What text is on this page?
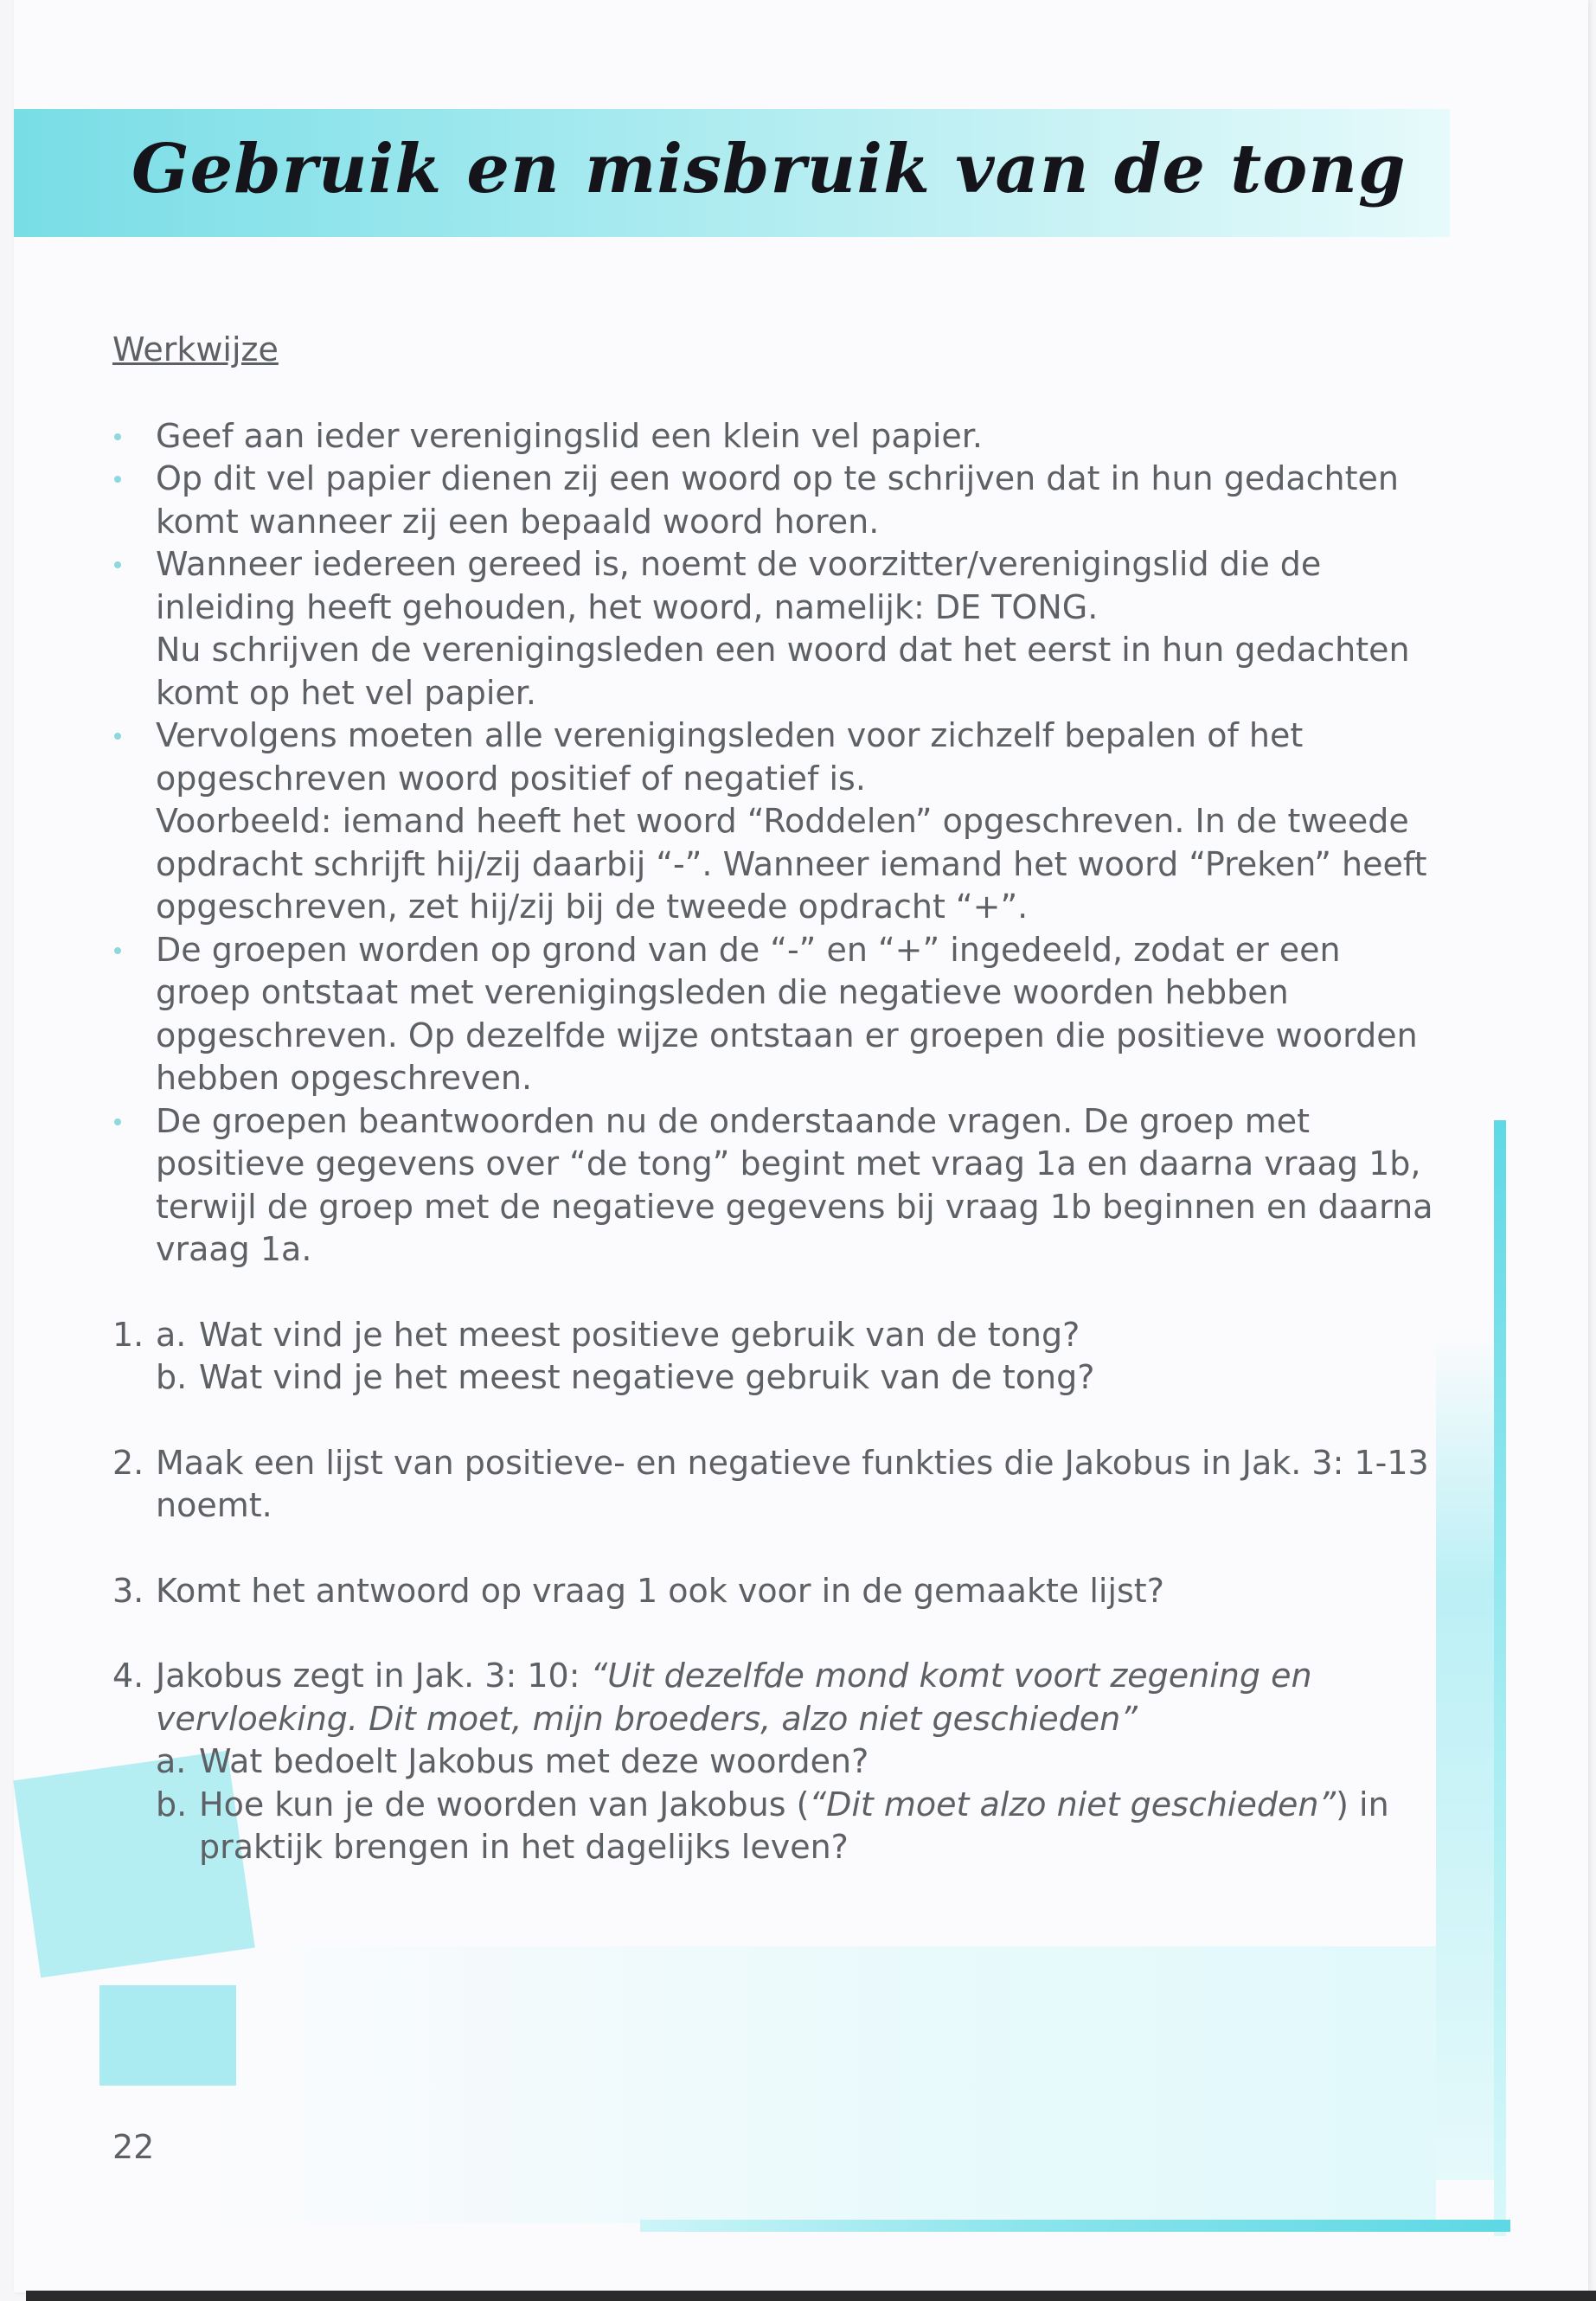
Gebruik en misbruik van de tong
Werkwijze

Geef aan ieder verenigingslid een klein vel papier.

Op dit vel papier dienen zij een woord op te schrijven dat in hun gedachten komt wanneer zij een bepaald woord horen.

Wanneer iedereen gereed is, noemt de voorzitter/verenigingslid die de inleiding heeft gehouden, het woord, namelijk: DE TONG.

Nu schrijven de verenigingsleden een woord dat het eerst in hun gedachten komt op het vel papier.

Vervolgens moeten alle verenigingsleden voor zichzelf bepalen of het opgeschreven woord positief of negatief is.

Voorbeeld: iemand heeft het woord “Roddelen” opgeschreven. In de tweede opdracht schrijft hij/zij daarbij “-”. Wanneer iemand het woord “Preken” heeft opgeschreven, zet hij/zij bij de tweede opdracht “+”.

De groepen worden op grond van de “-” en “+” ingedeeld, zodat er een groep ontstaat met verenigingsleden die negatieve woorden hebben opgeschreven. Op dezelfde wijze ontstaan er groepen die positieve woorden hebben opgeschreven.

De groepen beantwoorden nu de onderstaande vragen. De groep met positieve gegevens over “de tong” begint met vraag 1a en daarna vraag 1b, terwijl de groep met de negatieve gegevens bij vraag 1b beginnen en daarna vraag 1a.

1. a. Wat vind je het meest positieve gebruik van de tong?

b. Wat vind je het meest negatieve gebruik van de tong?

2. Maak een lijst van positieve- en negatieve funkties die Jakobus in Jak. 3: 1-13 noemt.

3. Komt het antwoord op vraag 1 ook voor in de gemaakte lijst?

4. Jakobus zegt in Jak. 3: 10: “Uit dezelfde mond komt voort zegening en vervloeking. Dit moet, mijn broeders, alzo niet geschieden”

a. Wat bedoelt Jakobus met deze woorden?

b. Hoe kun je de woorden van Jakobus (“Dit moet alzo niet geschieden”) in praktijk brengen in het dagelijks leven?

22
